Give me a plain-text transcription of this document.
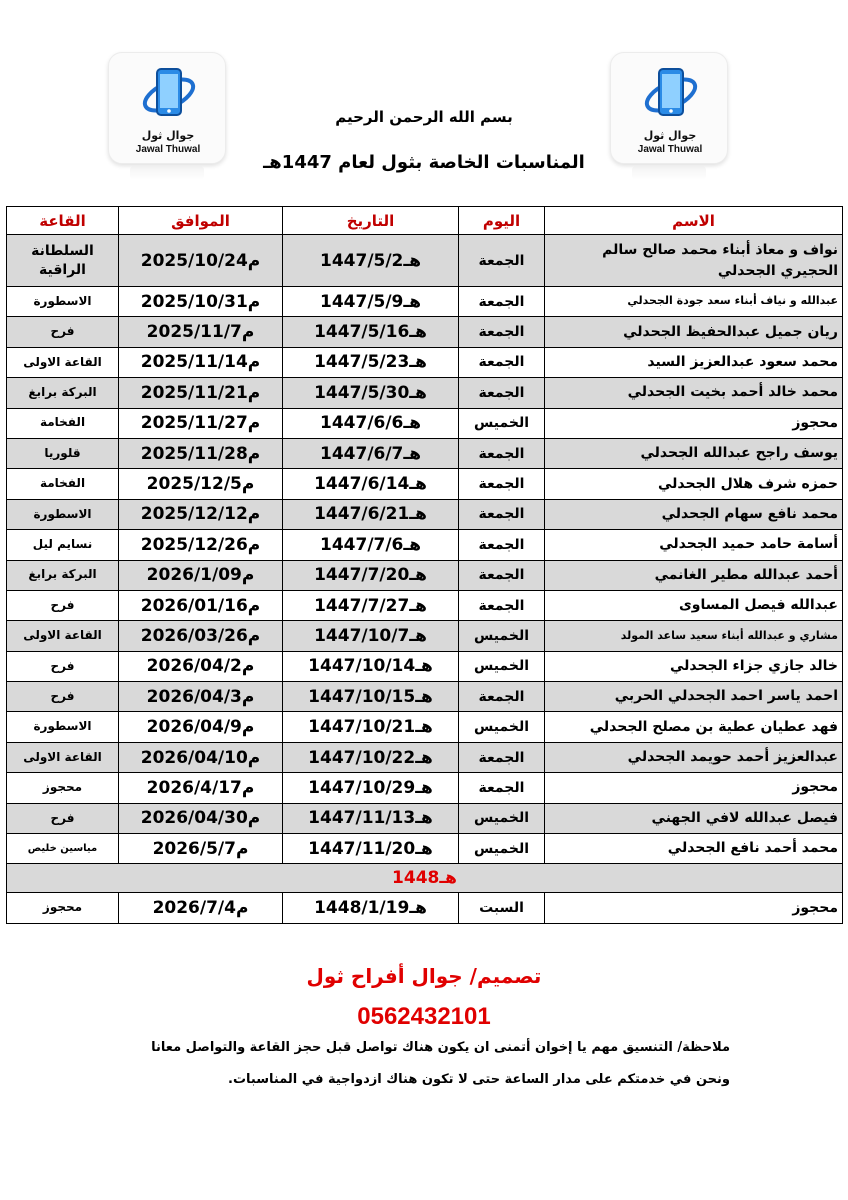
جوال ثول
Jawal Thuwal
جوال ثول
Jawal Thuwal
بسم الله الرحمن الرحيم
المناسبات الخاصة بثول لعام 1447هـ
الاسم	اليوم	التاريخ	الموافق	القاعة
نواف و معاذ أبناء محمد صالح سالم الحجيري الجحدلي	الجمعة	1447/5/2هـ	2025/10/24م	السلطانة الراقية
عبدالله و نياف أبناء سعد جودة الجحدلي	الجمعة	1447/5/9هـ	2025/10/31م	الاسطورة
ريان جميل عبدالحفيظ الجحدلي	الجمعة	1447/5/16هـ	2025/11/7م	فرح
محمد سعود عبدالعزيز السيد	الجمعة	1447/5/23هـ	2025/11/14م	القاعة الاولى
محمد خالد أحمد بخيت الجحدلي	الجمعة	1447/5/30هـ	2025/11/21م	البركة برابغ
محجوز	الخميس	1447/6/6هـ	2025/11/27م	الفخامة
يوسف راجح عبدالله الجحدلي	الجمعة	1447/6/7هـ	2025/11/28م	قلوريا
حمزه شرف هلال الجحدلي	الجمعة	1447/6/14هـ	2025/12/5م	الفخامة
محمد نافع سهام الجحدلي	الجمعة	1447/6/21هـ	2025/12/12م	الاسطورة
أسامة حامد حميد الجحدلي	الجمعة	1447/7/6هـ	2025/12/26م	نسايم ليل
أحمد عبدالله مطير الغانمي	الجمعة	1447/7/20هـ	2026/1/09م	البركة برابغ
عبدالله فيصل المساوى	الجمعة	1447/7/27هـ	2026/01/16م	فرح
مشاري و عبدالله أبناء سعيد ساعد المولد	الخميس	1447/10/7هـ	2026/03/26م	القاعة الاولى
خالد جازي جزاء الجحدلي	الخميس	1447/10/14هـ	2026/04/2م	فرح
احمد ياسر احمد الجحدلي الحربي	الجمعة	1447/10/15هـ	2026/04/3م	فرح
فهد عطيان عطية بن مصلح الجحدلي	الخميس	1447/10/21هـ	2026/04/9م	الاسطورة
عبدالعزيز أحمد حويمد الجحدلي	الجمعة	1447/10/22هـ	2026/04/10م	القاعة الاولى
محجوز	الجمعة	1447/10/29هـ	2026/4/17م	محجوز
فيصل عبدالله لافي الجهني	الخميس	1447/11/13هـ	2026/04/30م	فرح
محمد أحمد نافع الجحدلي	الخميس	1447/11/20هـ	2026/5/7م	مياسين خليص
1448هـ				
محجوز	السبت	1448/1/19هـ	2026/7/4م	محجوز
تصميم/ جوال أفراح ثول
0562432101
ملاحظة/ التنسيق مهم يا إخوان أتمنى ان يكون هناك تواصل قبل حجز القاعة والتواصل معانا
ونحن في خدمتكم على مدار الساعة حتى لا تكون هناك ازدواجية في المناسبات.
